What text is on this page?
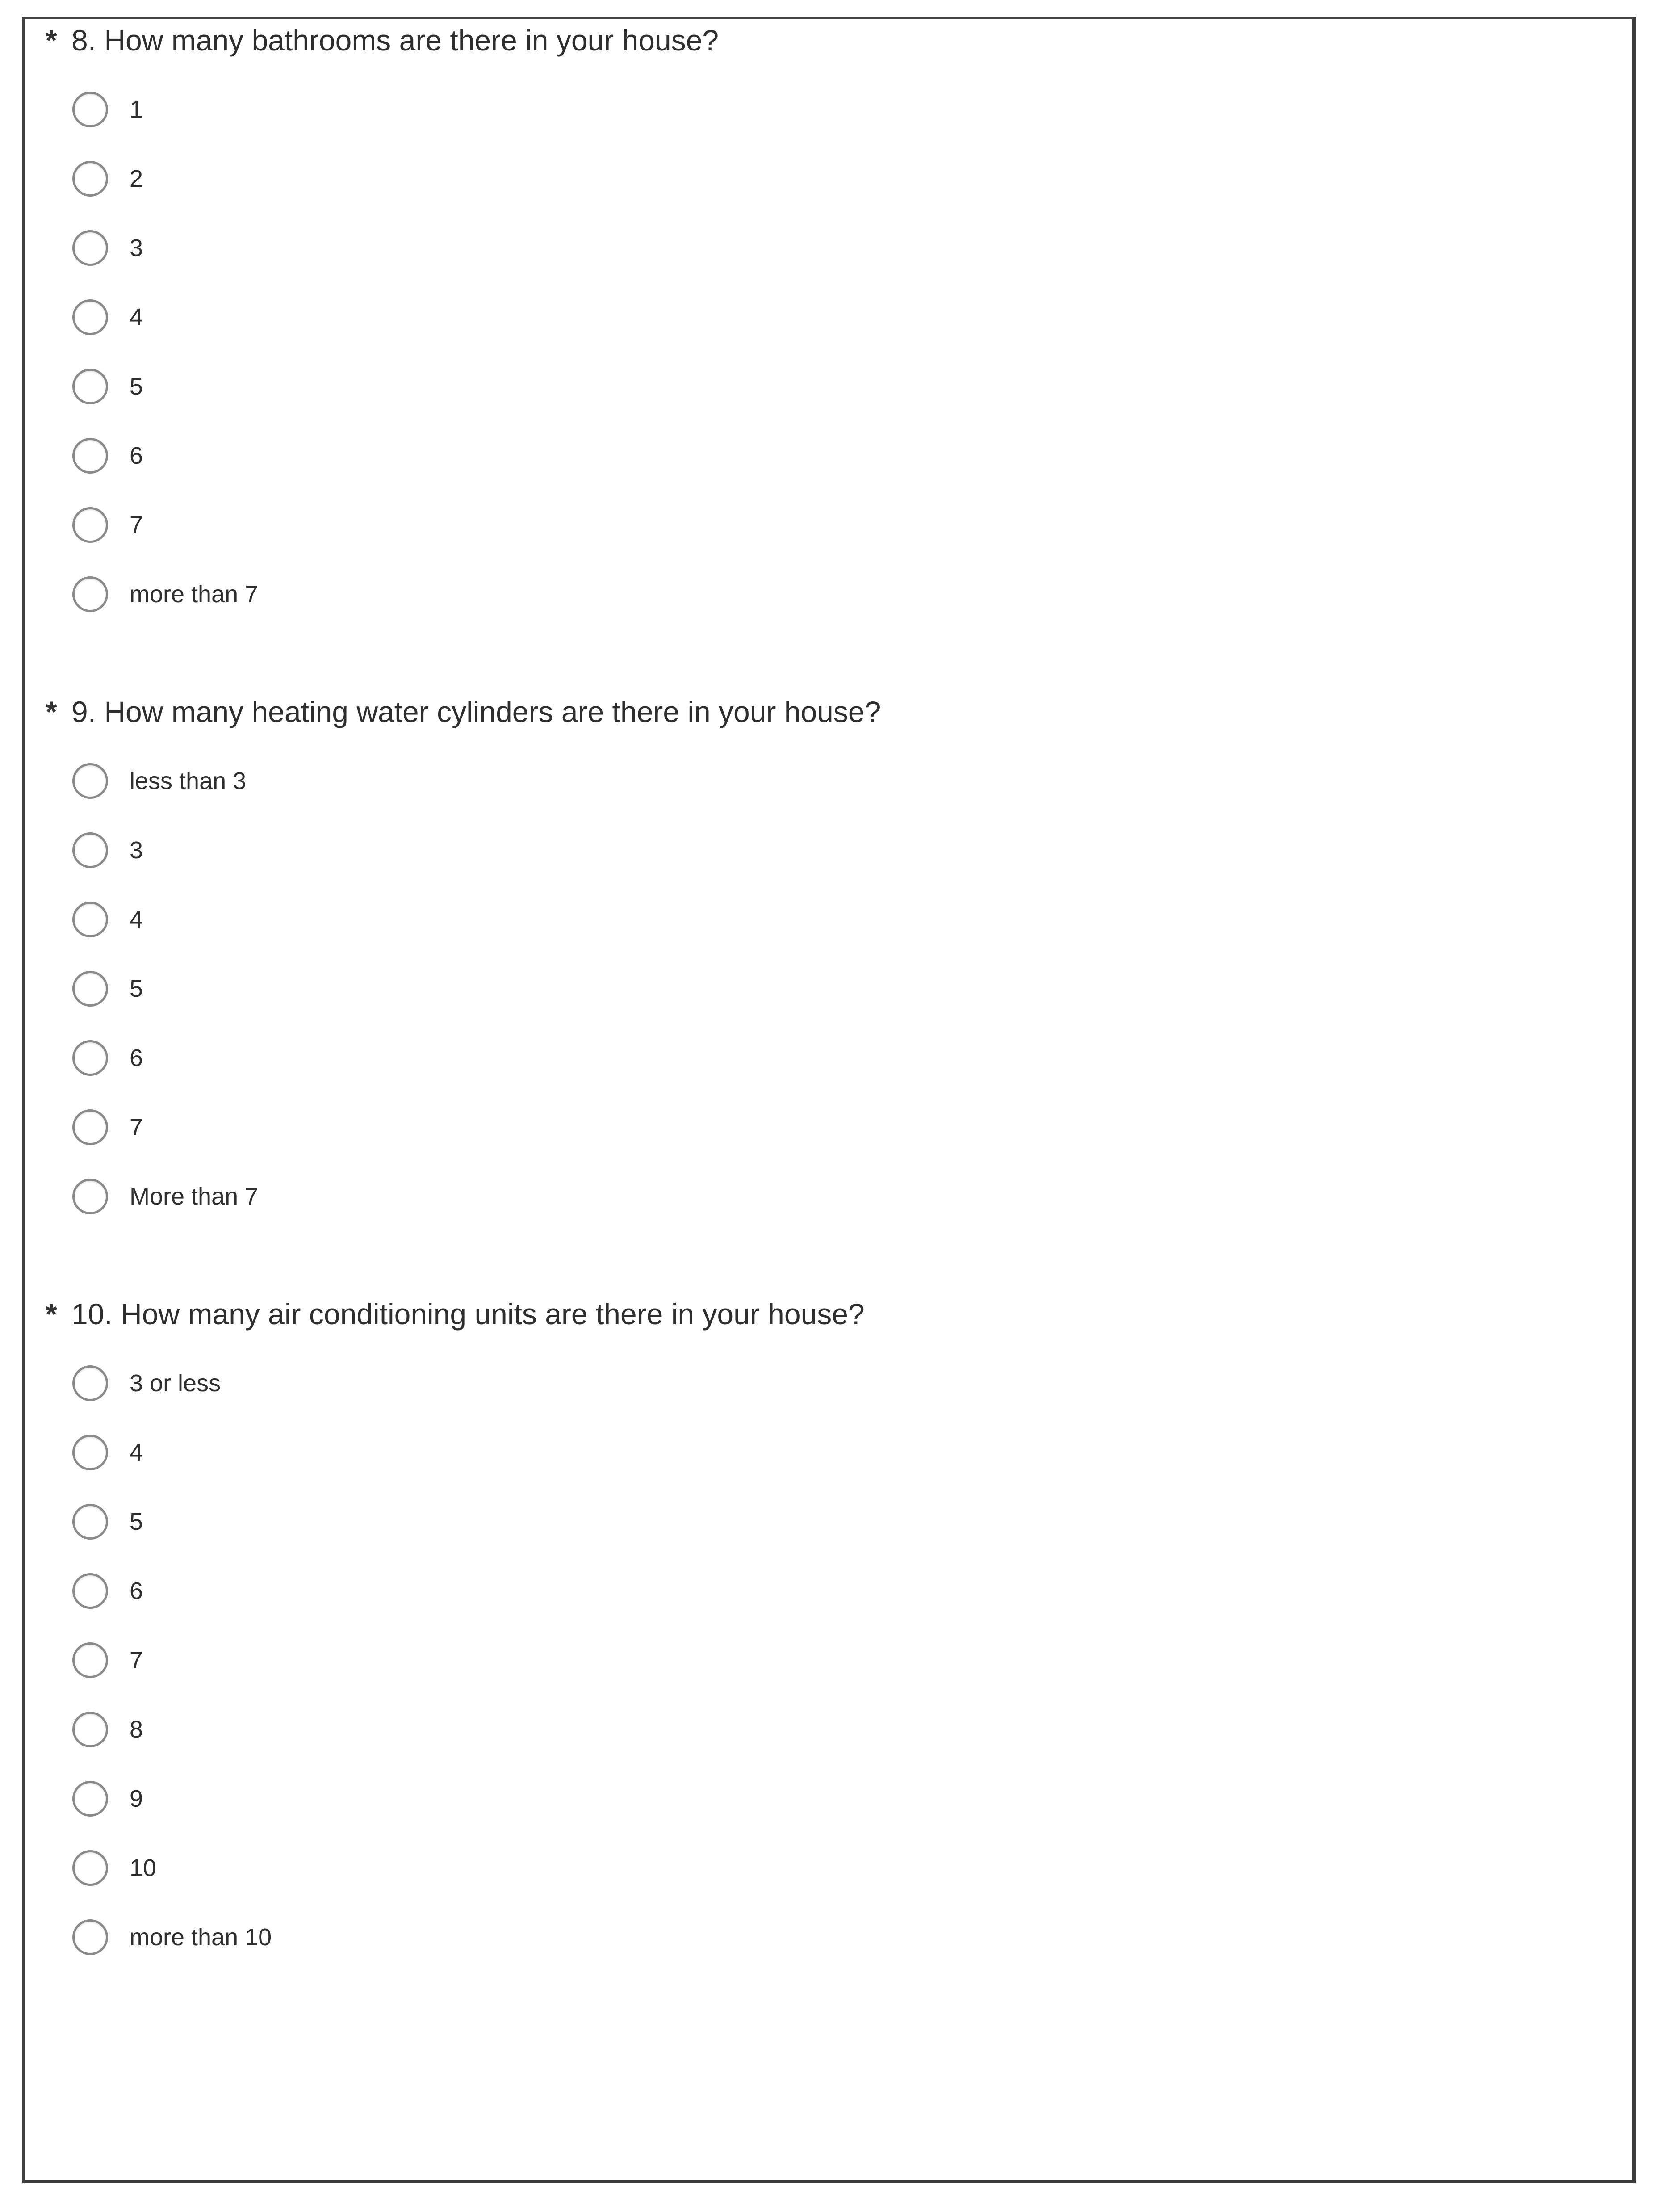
* 8. How many bathrooms are there in your house?
1
2
3
4
5
6
7
more than 7
* 9. How many heating water cylinders are there in your house?
less than 3
3
4
5
6
7
More than 7
* 10. How many air conditioning units are there in your house?
3 or less
4
5
6
7
8
9
10
more than 10
